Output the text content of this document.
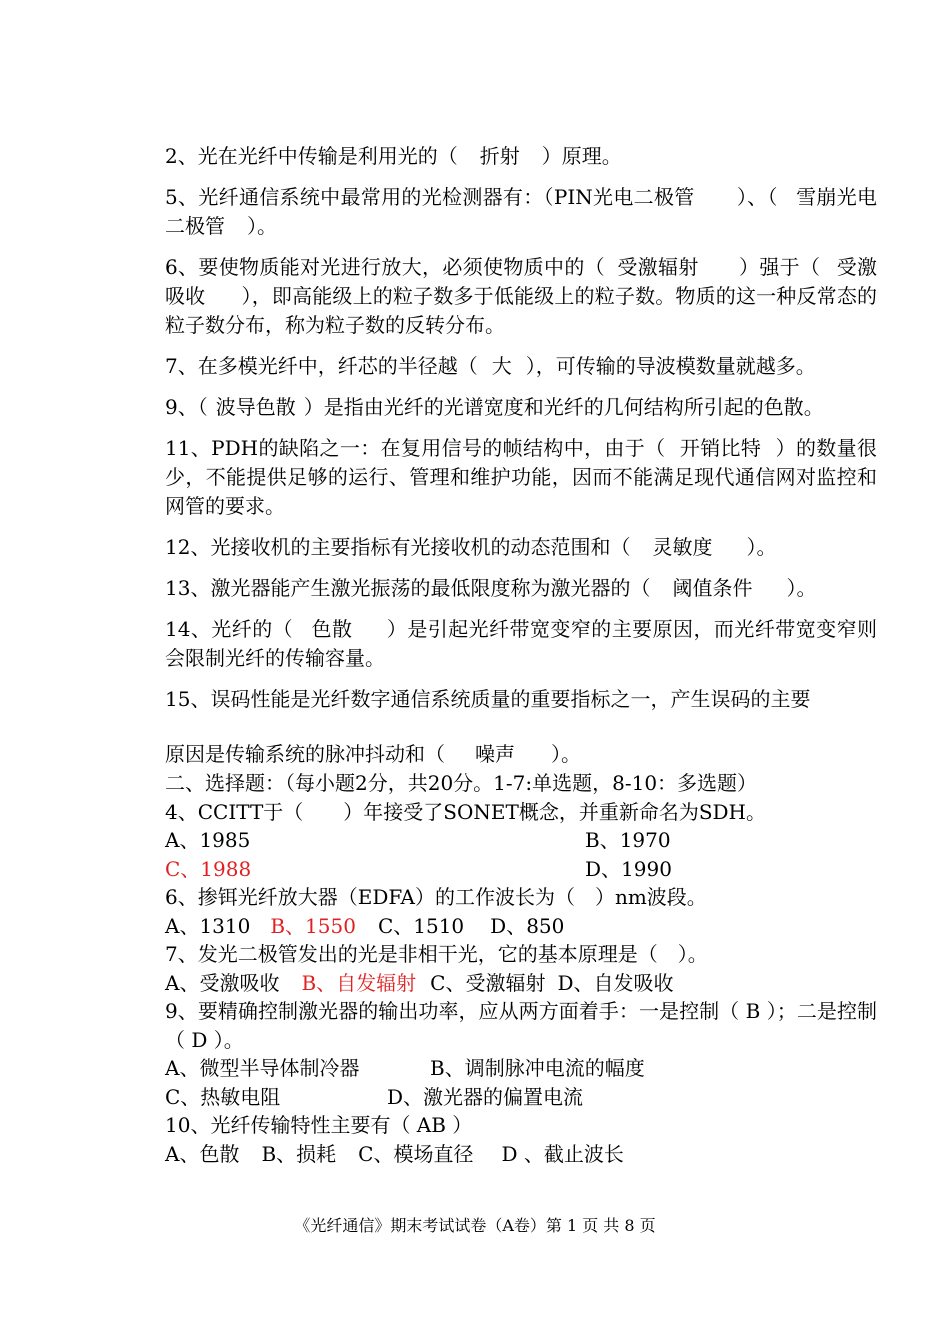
2、光在光纤中传输是利用光的（ 折射 ）原理。

5、光纤通信系统中最常用的光检测器有：（PIN光电二极管 ）、（ 雪崩光电二极管 ）。

6、要使物质能对光进行放大，必须使物质中的（ 受激辐射 ）强于（ 受激吸收 ），即高能级上的粒子数多于低能级上的粒子数。物质的这一种反常态的粒子数分布，称为粒子数的反转分布。

7、在多模光纤中，纤芯的半径越（ 大 ），可传输的导波模数量就越多。

9、（ 波导色散 ）是指由光纤的光谱宽度和光纤的几何结构所引起的色散。

11、PDH的缺陷之一：在复用信号的帧结构中，由于（ 开销比特 ）的数量很少，不能提供足够的运行、管理和维护功能，因而不能满足现代通信网对监控和网管的要求。

12、光接收机的主要指标有光接收机的动态范围和（ 灵敏度 ）。

13、激光器能产生激光振荡的最低限度称为激光器的（ 阈值条件 ）。

14、光纤的（ 色散 ）是引起光纤带宽变窄的主要原因，而光纤带宽变窄则会限制光纤的传输容量。

15、误码性能是光纤数字通信系统质量的重要指标之一，产生误码的主要

原因是传输系统的脉冲抖动和（ 噪声 ）。

二、选择题：（每小题2分，共20分。1-7:单选题，8-10：多选题）

4、CCITT于（　　）年接受了SONET概念，并重新命名为SDH。

A、1985	B、1970
C、1988	D、1990

6、掺铒光纤放大器（EDFA）的工作波长为（　）nm波段。

A、1310 B、1550 C、1510 D、850

7、发光二极管发出的光是非相干光，它的基本原理是（　）。

A、受激吸收 B、自发辐射 C、受激辐射 D、自发吸收

9、要精确控制激光器的输出功率，应从两方面着手：一是控制（ B ）；二是控制（ D ）。

A、微型半导体制冷器	B、调制脉冲电流的幅度
C、热敏电阻	D、激光器的偏置电流

10、光纤传输特性主要有（ AB ）

A、色散 B、损耗 C、模场直径 D 、截止波长
《光纤通信》期末考试试卷（A卷）第 1 页 共 8 页
